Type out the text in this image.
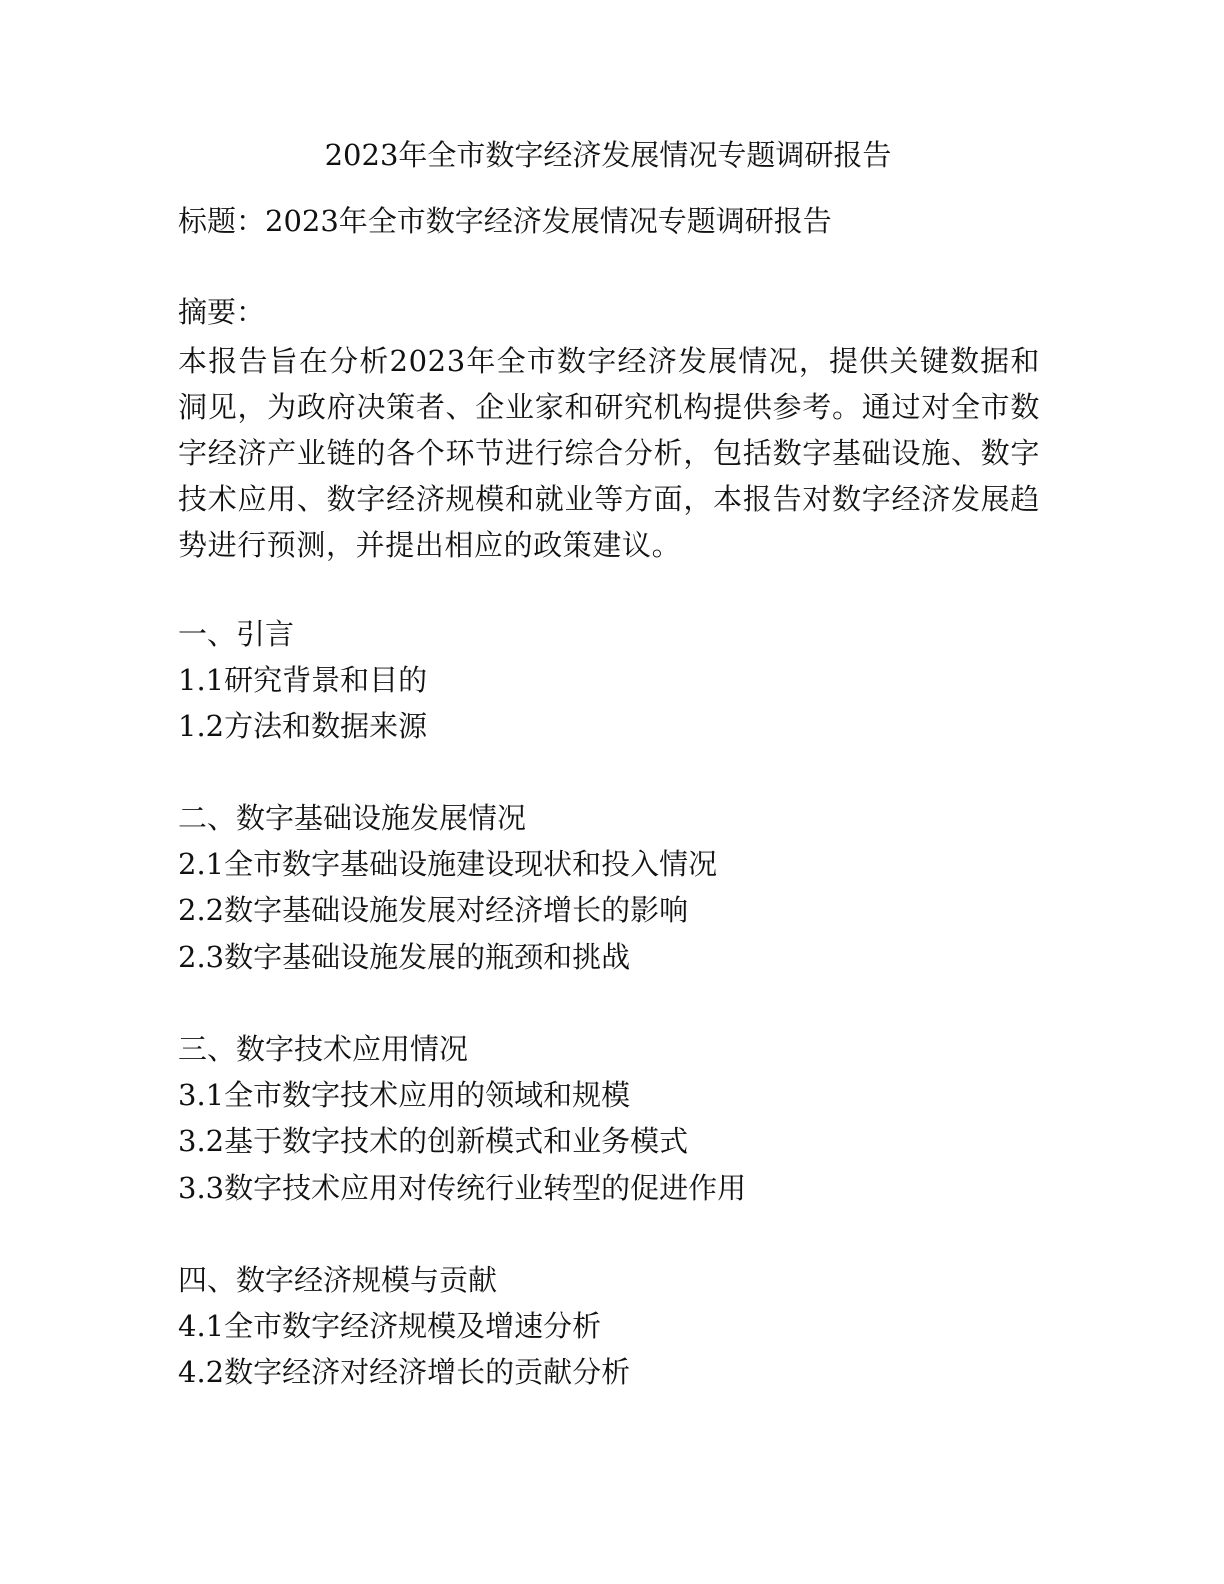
2023年全市数字经济发展情况专题调研报告
标题：2023年全市数字经济发展情况专题调研报告
摘要：
本报告旨在分析2023年全市数字经济发展情况，提供关键数据和洞见，为政府决策者、企业家和研究机构提供参考。通过对全市数字经济产业链的各个环节进行综合分析，包括数字基础设施、数字技术应用、数字经济规模和就业等方面，本报告对数字经济发展趋势进行预测，并提出相应的政策建议。
一、引言
1.1研究背景和目的
1.2方法和数据来源
二、数字基础设施发展情况
2.1全市数字基础设施建设现状和投入情况
2.2数字基础设施发展对经济增长的影响
2.3数字基础设施发展的瓶颈和挑战
三、数字技术应用情况
3.1全市数字技术应用的领域和规模
3.2基于数字技术的创新模式和业务模式
3.3数字技术应用对传统行业转型的促进作用
四、数字经济规模与贡献
4.1全市数字经济规模及增速分析
4.2数字经济对经济增长的贡献分析
